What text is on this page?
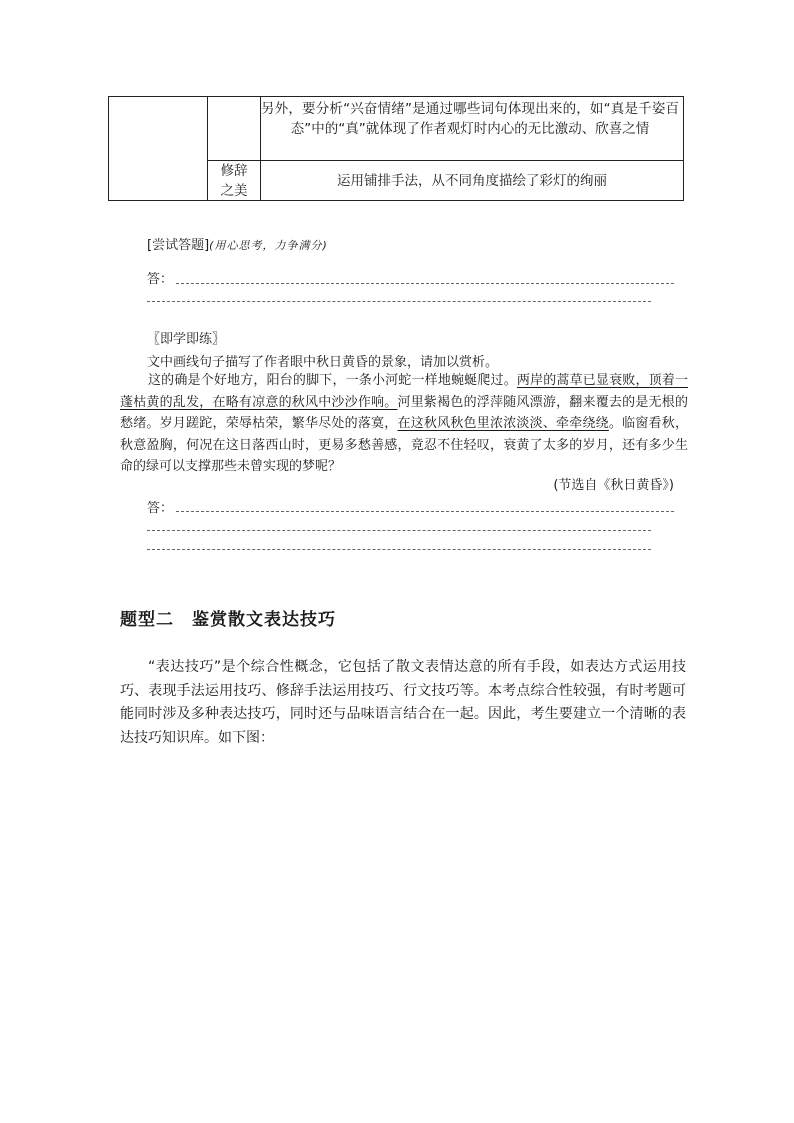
另外，要分析“兴奋情绪”是通过哪些词句体现出来的，如“真是千姿百态”中的“真”就体现了作者观灯时内心的无比激动、欣喜之情
修辞
之美
运用铺排手法，从不同角度描绘了彩灯的绚丽
[尝试答题](用心思考，力争满分)
答：
〖即学即练〗
文中画线句子描写了作者眼中秋日黄昏的景象，请加以赏析。
这的确是个好地方，阳台的脚下，一条小河蛇一样地蜿蜒爬过。两岸的蒿草已显衰败，顶着一蓬枯黄的乱发，在略有凉意的秋风中沙沙作响。河里紫褐色的浮萍随风漂游，翻来覆去的是无根的愁绪。岁月蹉跎，荣辱枯荣，繁华尽处的落寞，在这秋风秋色里浓浓淡淡、牵牵绕绕。临窗看秋，秋意盈胸，何况在这日落西山时，更易多愁善感，竟忍不住轻叹，衰黄了太多的岁月，还有多少生命的绿可以支撑那些未曾实现的梦呢？
(节选自《秋日黄昏》)
答：
题型二 鉴赏散文表达技巧
“表达技巧”是个综合性概念，它包括了散文表情达意的所有手段，如表达方式运用技巧、表现手法运用技巧、修辞手法运用技巧、行文技巧等。本考点综合性较强，有时考题可能同时涉及多种表达技巧，同时还与品味语言结合在一起。因此，考生要建立一个清晰的表达技巧知识库。如下图：
